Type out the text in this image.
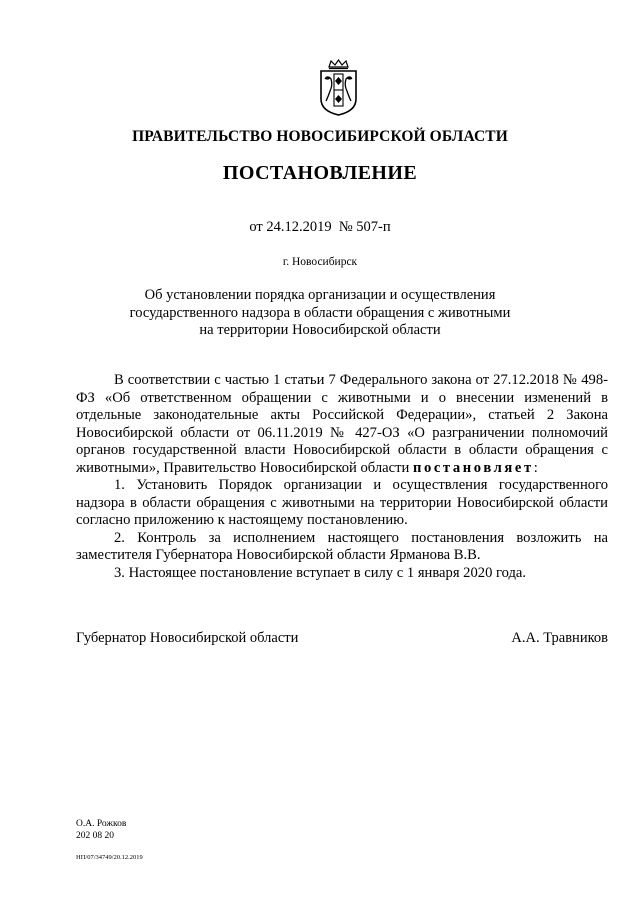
ПРАВИТЕЛЬСТВО НОВОСИБИРСКОЙ ОБЛАСТИ
ПОСТАНОВЛЕНИЕ
от 24.12.2019  № 507-п
г. Новосибирск
Об установлении порядка организации и осуществления
государственного надзора в области обращения с животными
на территории Новосибирской области

В соответствии с частью 1 статьи 7 Федерального закона от 27.12.2018 № 498-ФЗ «Об ответственном обращении с животными и о внесении изменений в отдельные законодательные акты Российской Федерации», статьей 2 Закона Новосибирской области от 06.11.2019 № 427-ОЗ «О разграничении полномочий органов государственной власти Новосибирской области в области обращения с животными», Правительство Новосибирской области постановляет:

1. Установить Порядок организации и осуществления государственного надзора в области обращения с животными на территории Новосибирской области согласно приложению к настоящему постановлению.

2. Контроль за исполнением настоящего постановления возложить на заместителя Губернатора Новосибирской области Ярманова В.В.

3. Настоящее постановление вступает в силу с 1 января 2020 года.

Губернатор Новосибирской области	А.А. Травников
О.А. Рожков
202 08 20
НП/07/34749/20.12.2019
